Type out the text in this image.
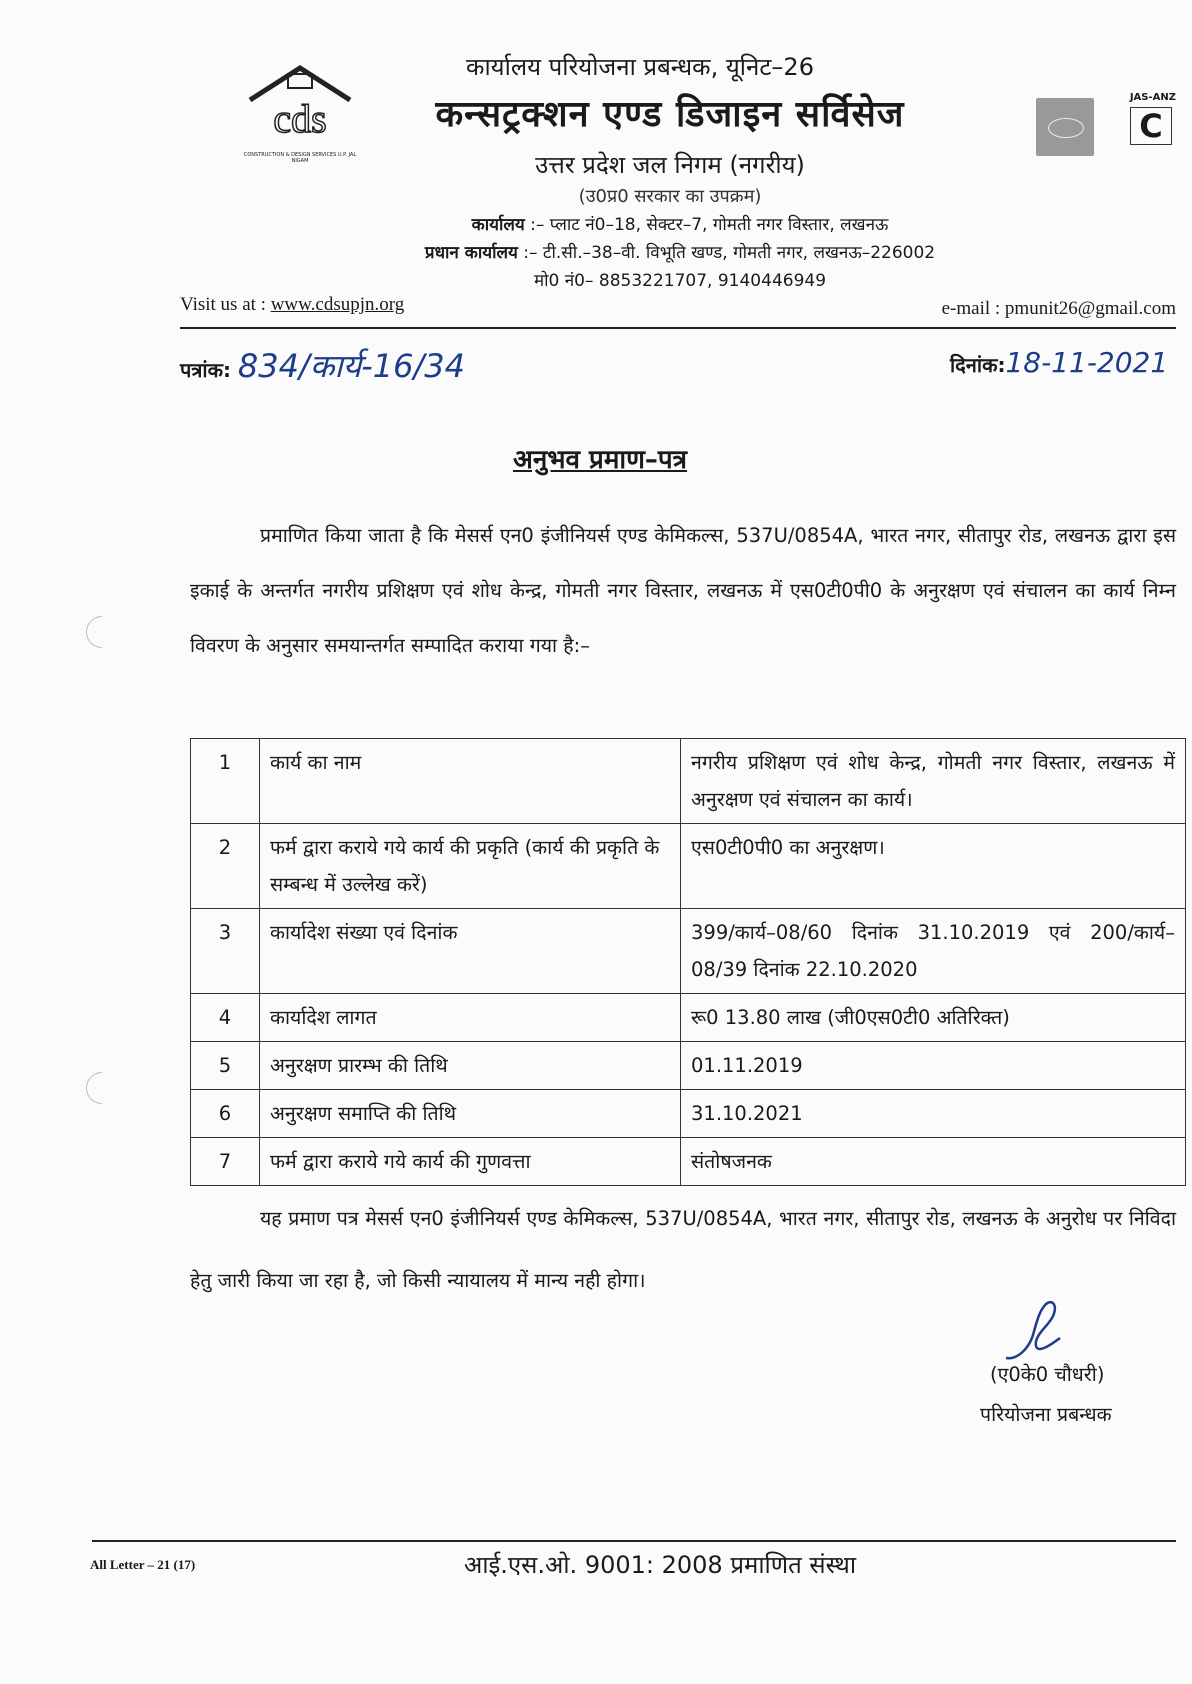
cds
CONSTRUCTION & DESIGN SERVICES U.P. JAL NIGAM
JAS-ANZ
C
कार्यालय परियोजना प्रबन्धक, यूनिट–26
कन्सट्रक्शन एण्ड डिजाइन सर्विसेज
उत्तर प्रदेश जल निगम (नगरीय)
(उ0प्र0 सरकार का उपक्रम)
कार्यालय :– प्लाट नं0–18, सेक्टर–7, गोमती नगर विस्तार, लखनऊ
प्रधान कार्यालय :– टी.सी.–38–वी. विभूति खण्ड, गोमती नगर, लखनऊ–226002
मो0 नं0– 8853221707, 9140446949
Visit us at : www.cdsupjn.org	e-mail : pmunit26@gmail.com
पत्रांक: 834/कार्य-16/34	दिनांक:18-11-2021
अनुभव प्रमाण–पत्र
प्रमाणित किया जाता है कि मेसर्स एन0 इंजीनियर्स एण्ड केमिकल्स, 537U/0854A, भारत नगर, सीतापुर रोड, लखनऊ द्वारा इस इकाई के अन्तर्गत नगरीय प्रशिक्षण एवं शोध केन्द्र, गोमती नगर विस्तार, लखनऊ में एस0टी0पी0 के अनुरक्षण एवं संचालन का कार्य निम्न विवरण के अनुसार समयान्तर्गत सम्पादित कराया गया है:–
1	कार्य का नाम	नगरीय प्रशिक्षण एवं शोध केन्द्र, गोमती नगर विस्तार, लखनऊ में अनुरक्षण एवं संचालन का कार्य।
2	फर्म द्वारा कराये गये कार्य की प्रकृति (कार्य की प्रकृति के सम्बन्ध में उल्लेख करें)	एस0टी0पी0 का अनुरक्षण।
3	कार्यादेश संख्या एवं दिनांक	399/कार्य–08/60 दिनांक 31.10.2019 एवं 200/कार्य–08/39 दिनांक 22.10.2020
4	कार्यादेश लागत	रू0 13.80 लाख (जी0एस0टी0 अतिरिक्त)
5	अनुरक्षण प्रारम्भ की तिथि	01.11.2019
6	अनुरक्षण समाप्ति की तिथि	31.10.2021
7	फर्म द्वारा कराये गये कार्य की गुणवत्ता	संतोषजनक
यह प्रमाण पत्र मेसर्स एन0 इंजीनियर्स एण्ड केमिकल्स, 537U/0854A, भारत नगर, सीतापुर रोड, लखनऊ के अनुरोध पर निविदा हेतु जारी किया जा रहा है, जो किसी न्यायालय में मान्य नही होगा।
(ए0के0 चौधरी)
परियोजना प्रबन्धक
All Letter – 21 (17)	आई.एस.ओ. 9001: 2008 प्रमाणित संस्था
